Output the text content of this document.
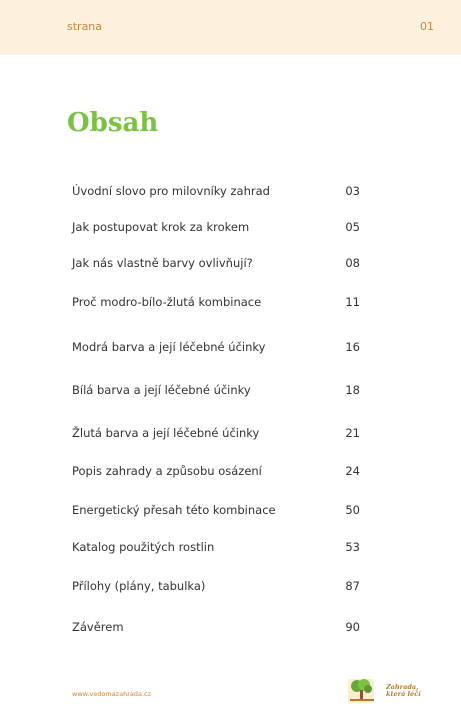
strana	01
Obsah
Úvodní slovo pro milovníky zahrad	03
Jak postupovat krok za krokem	05
Jak nás vlastně barvy ovlivňují?	08
Proč modro-bílo-žlutá kombinace	11
Modrá barva a její léčebné účinky	16
Bílá barva a její léčebné účinky	18
Žlutá barva a její léčebné účinky	21
Popis zahrady a způsobu osázení	24
Energetický přesah této kombinace	50
Katalog použitých rostlin	53
Přílohy (plány, tabulka)	87
Závěrem	90
www.vedomazahrada.cz
Zahrada,
která léčí
